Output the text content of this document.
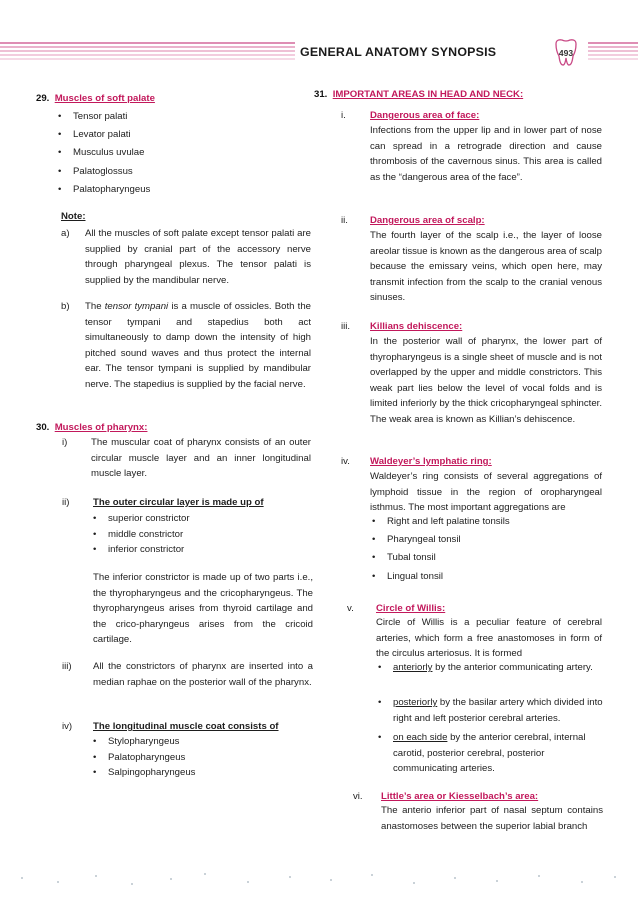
GENERAL ANATOMY SYNOPSIS	493
29. Muscles of soft palate
• Tensor palati
• Levator palati
• Musculus uvulae
• Palatoglossus
• Palatopharyngeus
Note:
a) All the muscles of soft palate except tensor palati are supplied by cranial part of the accessory nerve through pharyngeal plexus. The tensor palati is supplied by the mandibular nerve.
b) The tensor tympani is a muscle of ossicles. Both the tensor tympani and stapedius both act simultaneously to damp down the intensity of high pitched sound waves and thus protect the internal ear. The tensor tympani is supplied by mandibular nerve. The stapedius is supplied by the facial nerve.
30. Muscles of pharynx:
i) The muscular coat of pharynx consists of an outer circular muscle layer and an inner longitudinal muscle layer.
ii) The outer circular layer is made up of
• superior constrictor
• middle constrictor
• inferior constrictor
The inferior constrictor is made up of two parts i.e., the thyropharyngeus and the cricopharyngeus. The thyropharyngeus arises from thyroid cartilage and the crico-pharyngeus arises from the cricoid cartilage.
iii) All the constrictors of pharynx are inserted into a median raphae on the posterior wall of the pharynx.
iv) The longitudinal muscle coat consists of
• Stylopharyngeus
• Palatopharyngeus
• Salpingopharyngeus
31. IMPORTANT AREAS IN HEAD AND NECK:
i.	Dangerous area of face:
Infections from the upper lip and in lower part of nose can spread in a retrograde direction and cause thrombosis of the cavernous sinus. This area is called as the “dangerous area of the face”.
ii. Dangerous area of scalp:
The fourth layer of the scalp i.e., the layer of loose areolar tissue is known as the dangerous area of scalp because the emissary veins, which open here, may transmit infection from the scalp to the cranial venous sinuses.
iii. Killians dehiscence:
In the posterior wall of pharynx, the lower part of thyropharyngeus is a single sheet of muscle and is not overlapped by the upper and middle constrictors. This weak part lies below the level of vocal folds and is limited inferiorly by the thick cricopharyngeal sphincter. The weak area is known as Killian’s dehiscence.
iv. Waldeyer’s lymphatic ring:
Waldeyer’s ring consists of several aggregations of lymphoid tissue in the region of oropharyngeal isthmus. The most important aggregations are
• Right and left palatine tonsils
• Pharyngeal tonsil
• Tubal tonsil
• Lingual tonsil
v. Circle of Willis:
Circle of Willis is a peculiar feature of cerebral arteries, which form a free anastomoses in form of the circulus arteriosus. It is formed
• anteriorly by the anterior communicating artery.
• posteriorly by the basilar artery which divided into right and left posterior cerebral arteries.
• on each side by the anterior cerebral, internal carotid, posterior cerebral, posterior communicating arteries.
vi. Little’s area or Kiesselbach’s area:
The anterio inferior part of nasal septum contains anastomoses between the superior labial branch
